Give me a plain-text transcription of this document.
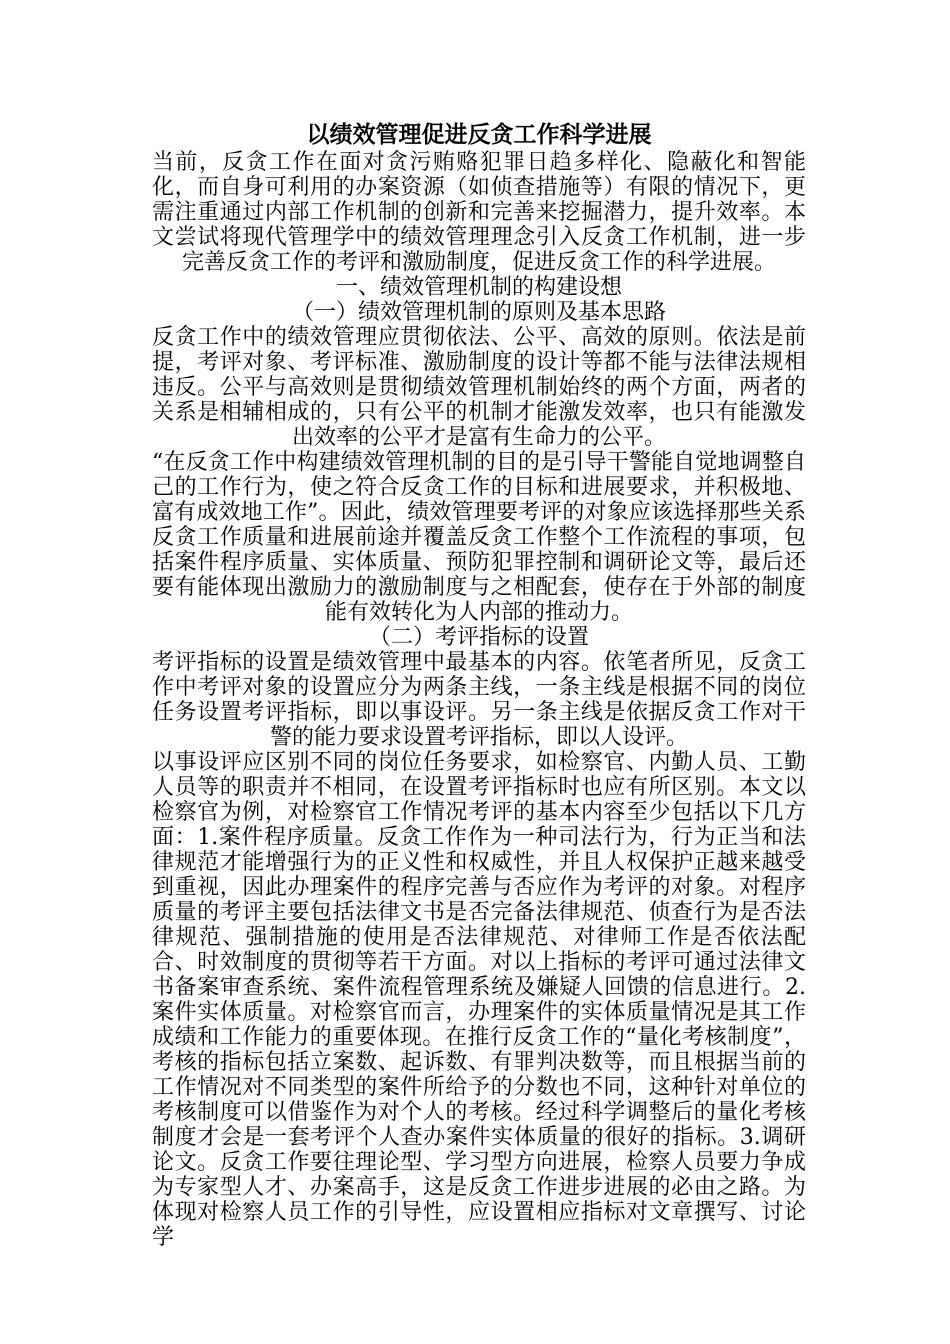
以绩效管理促进反贪工作科学进展

当前，反贪工作在面对贪污贿赂犯罪日趋多样化、隐蔽化和智能化，而自身可利用的办案资源（如侦查措施等）有限的情况下，更需注重通过内部工作机制的创新和完善来挖掘潜力，提升效率。本文尝试将现代管理学中的绩效管理理念引入反贪工作机制，进一步完善反贪工作的考评和激励制度，促进反贪工作的科学进展。

一、绩效管理机制的构建设想

（一）绩效管理机制的原则及基本思路

反贪工作中的绩效管理应贯彻依法、公平、高效的原则。依法是前提，考评对象、考评标准、激励制度的设计等都不能与法律法规相违反。公平与高效则是贯彻绩效管理机制始终的两个方面，两者的关系是相辅相成的，只有公平的机制才能激发效率，也只有能激发出效率的公平才是富有生命力的公平。

“在反贪工作中构建绩效管理机制的目的是引导干警能自觉地调整自己的工作行为，使之符合反贪工作的目标和进展要求，并积极地、富有成效地工作”。因此，绩效管理要考评的对象应该选择那些关系反贪工作质量和进展前途并覆盖反贪工作整个工作流程的事项，包括案件程序质量、实体质量、预防犯罪控制和调研论文等，最后还要有能体现出激励力的激励制度与之相配套，使存在于外部的制度能有效转化为人内部的推动力。

（二）考评指标的设置

考评指标的设置是绩效管理中最基本的内容。依笔者所见，反贪工作中考评对象的设置应分为两条主线，一条主线是根据不同的岗位任务设置考评指标，即以事设评。另一条主线是依据反贪工作对干警的能力要求设置考评指标，即以人设评。

以事设评应区别不同的岗位任务要求，如检察官、内勤人员、工勤人员等的职责并不相同，在设置考评指标时也应有所区别。本文以检察官为例，对检察官工作情况考评的基本内容至少包括以下几方面：1.案件程序质量。反贪工作作为一种司法行为，行为正当和法律规范才能增强行为的正义性和权威性，并且人权保护正越来越受到重视，因此办理案件的程序完善与否应作为考评的对象。对程序质量的考评主要包括法律文书是否完备法律规范、侦查行为是否法律规范、强制措施的使用是否法律规范、对律师工作是否依法配合、时效制度的贯彻等若干方面。对以上指标的考评可通过法律文书备案审查系统、案件流程管理系统及嫌疑人回馈的信息进行。2.案件实体质量。对检察官而言，办理案件的实体质量情况是其工作成绩和工作能力的重要体现。在推行反贪工作的“量化考核制度”，考核的指标包括立案数、起诉数、有罪判决数等，而且根据当前的工作情况对不同类型的案件所给予的分数也不同，这种针对单位的考核制度可以借鉴作为对个人的考核。经过科学调整后的量化考核制度才会是一套考评个人查办案件实体质量的很好的指标。3.调研论文。反贪工作要往理论型、学习型方向进展，检察人员要力争成为专家型人才、办案高手，这是反贪工作进步进展的必由之路。为体现对检察人员工作的引导性，应设置相应指标对文章撰写、讨论学
